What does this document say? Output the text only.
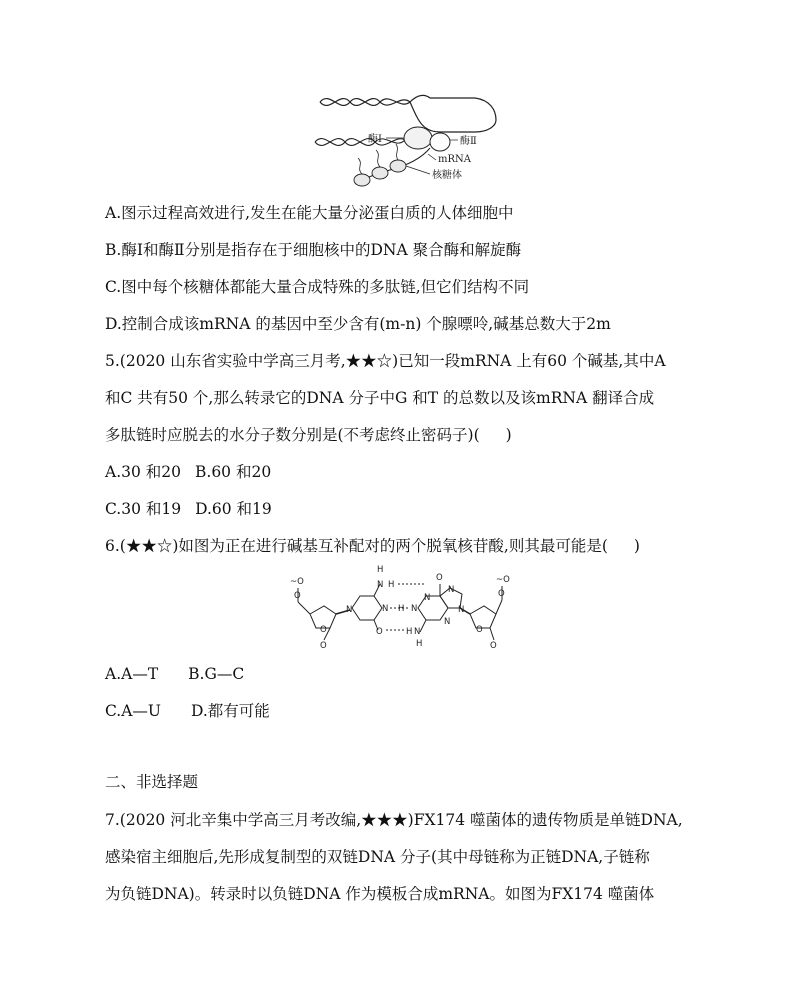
酶Ⅰ	酶Ⅱ
mRNA
核糖体

A.图示过程高效进行,发生在能大量分泌蛋白质的人体细胞中

B.酶Ⅰ和酶Ⅱ分别是指存在于细胞核中的DNA 聚合酶和解旋酶

C.图中每个核糖体都能大量合成特殊的多肽链,但它们结构不同

D.控制合成该mRNA 的基因中至少含有(m-n) 个腺嘌呤,碱基总数大于2m

5.(2020 山东省实验中学高三月考,★★☆)已知一段mRNA 上有60 个碱基,其中A

和C 共有50 个,那么转录它的DNA 分子中G 和T 的总数以及该mRNA 翻译合成

多肽链时应脱去的水分子数分别是(不考虑终止密码子)( )

A.30 和20 B.60 和20

C.30 和19 D.60 和19

6.(★★☆)如图为正在进行碱基互补配对的两个脱氧核苷酸,则其最可能是( )

H
N H
O
N H N
N
O	H N
N
H
N
O	O
N
O	N	O
O	O
~O	~O

A.A—T B.G—C

C.A—U D.都有可能

二、非选择题

7.(2020 河北辛集中学高三月考改编,★★★)FX174 噬菌体的遗传物质是单链DNA,

感染宿主细胞后,先形成复制型的双链DNA 分子(其中母链称为正链DNA,子链称

为负链DNA)。转录时以负链DNA 作为模板合成mRNA。如图为FX174 噬菌体
